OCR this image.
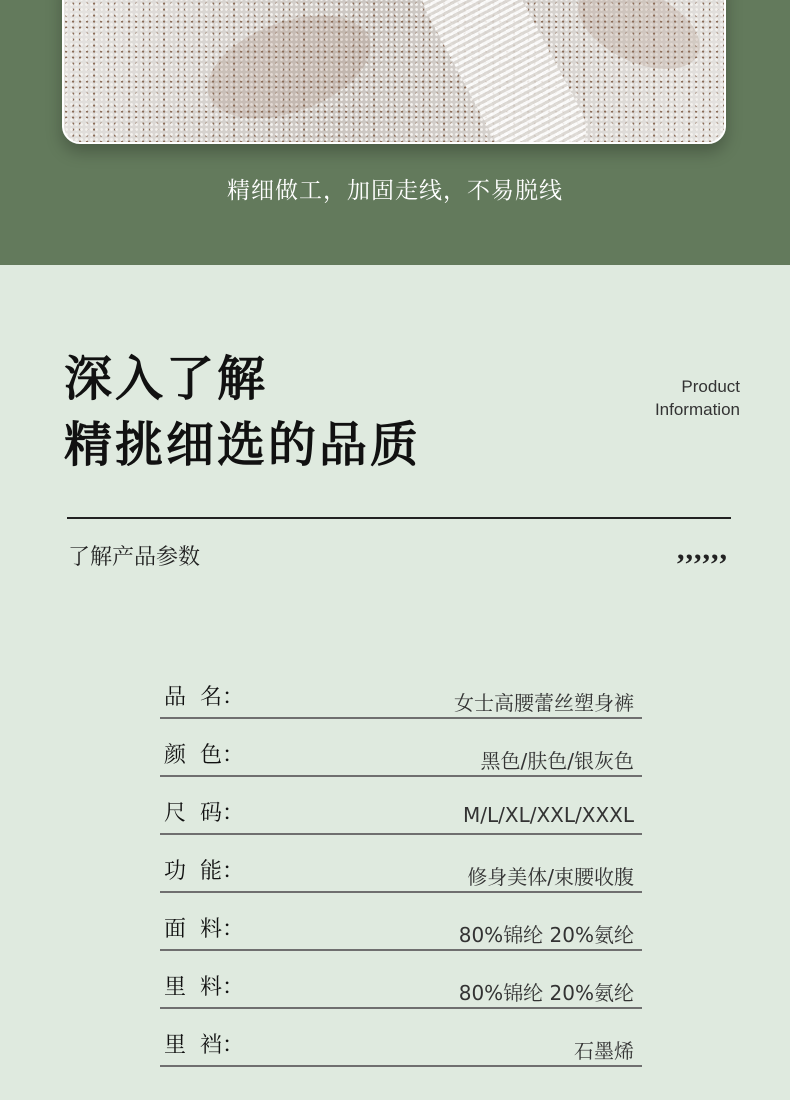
精细做工，加固走线，不易脱线
深入了解
精挑细选的品质
Product
Information
了解产品参数	,,,,,,
品  名：	女士高腰蕾丝塑身裤
颜  色：	黑色/肤色/银灰色
尺  码：	M/L/XL/XXL/XXXL
功  能：	修身美体/束腰收腹
面  料：	80%锦纶 20%氨纶
里  料：	80%锦纶 20%氨纶
里  裆：	石墨烯
